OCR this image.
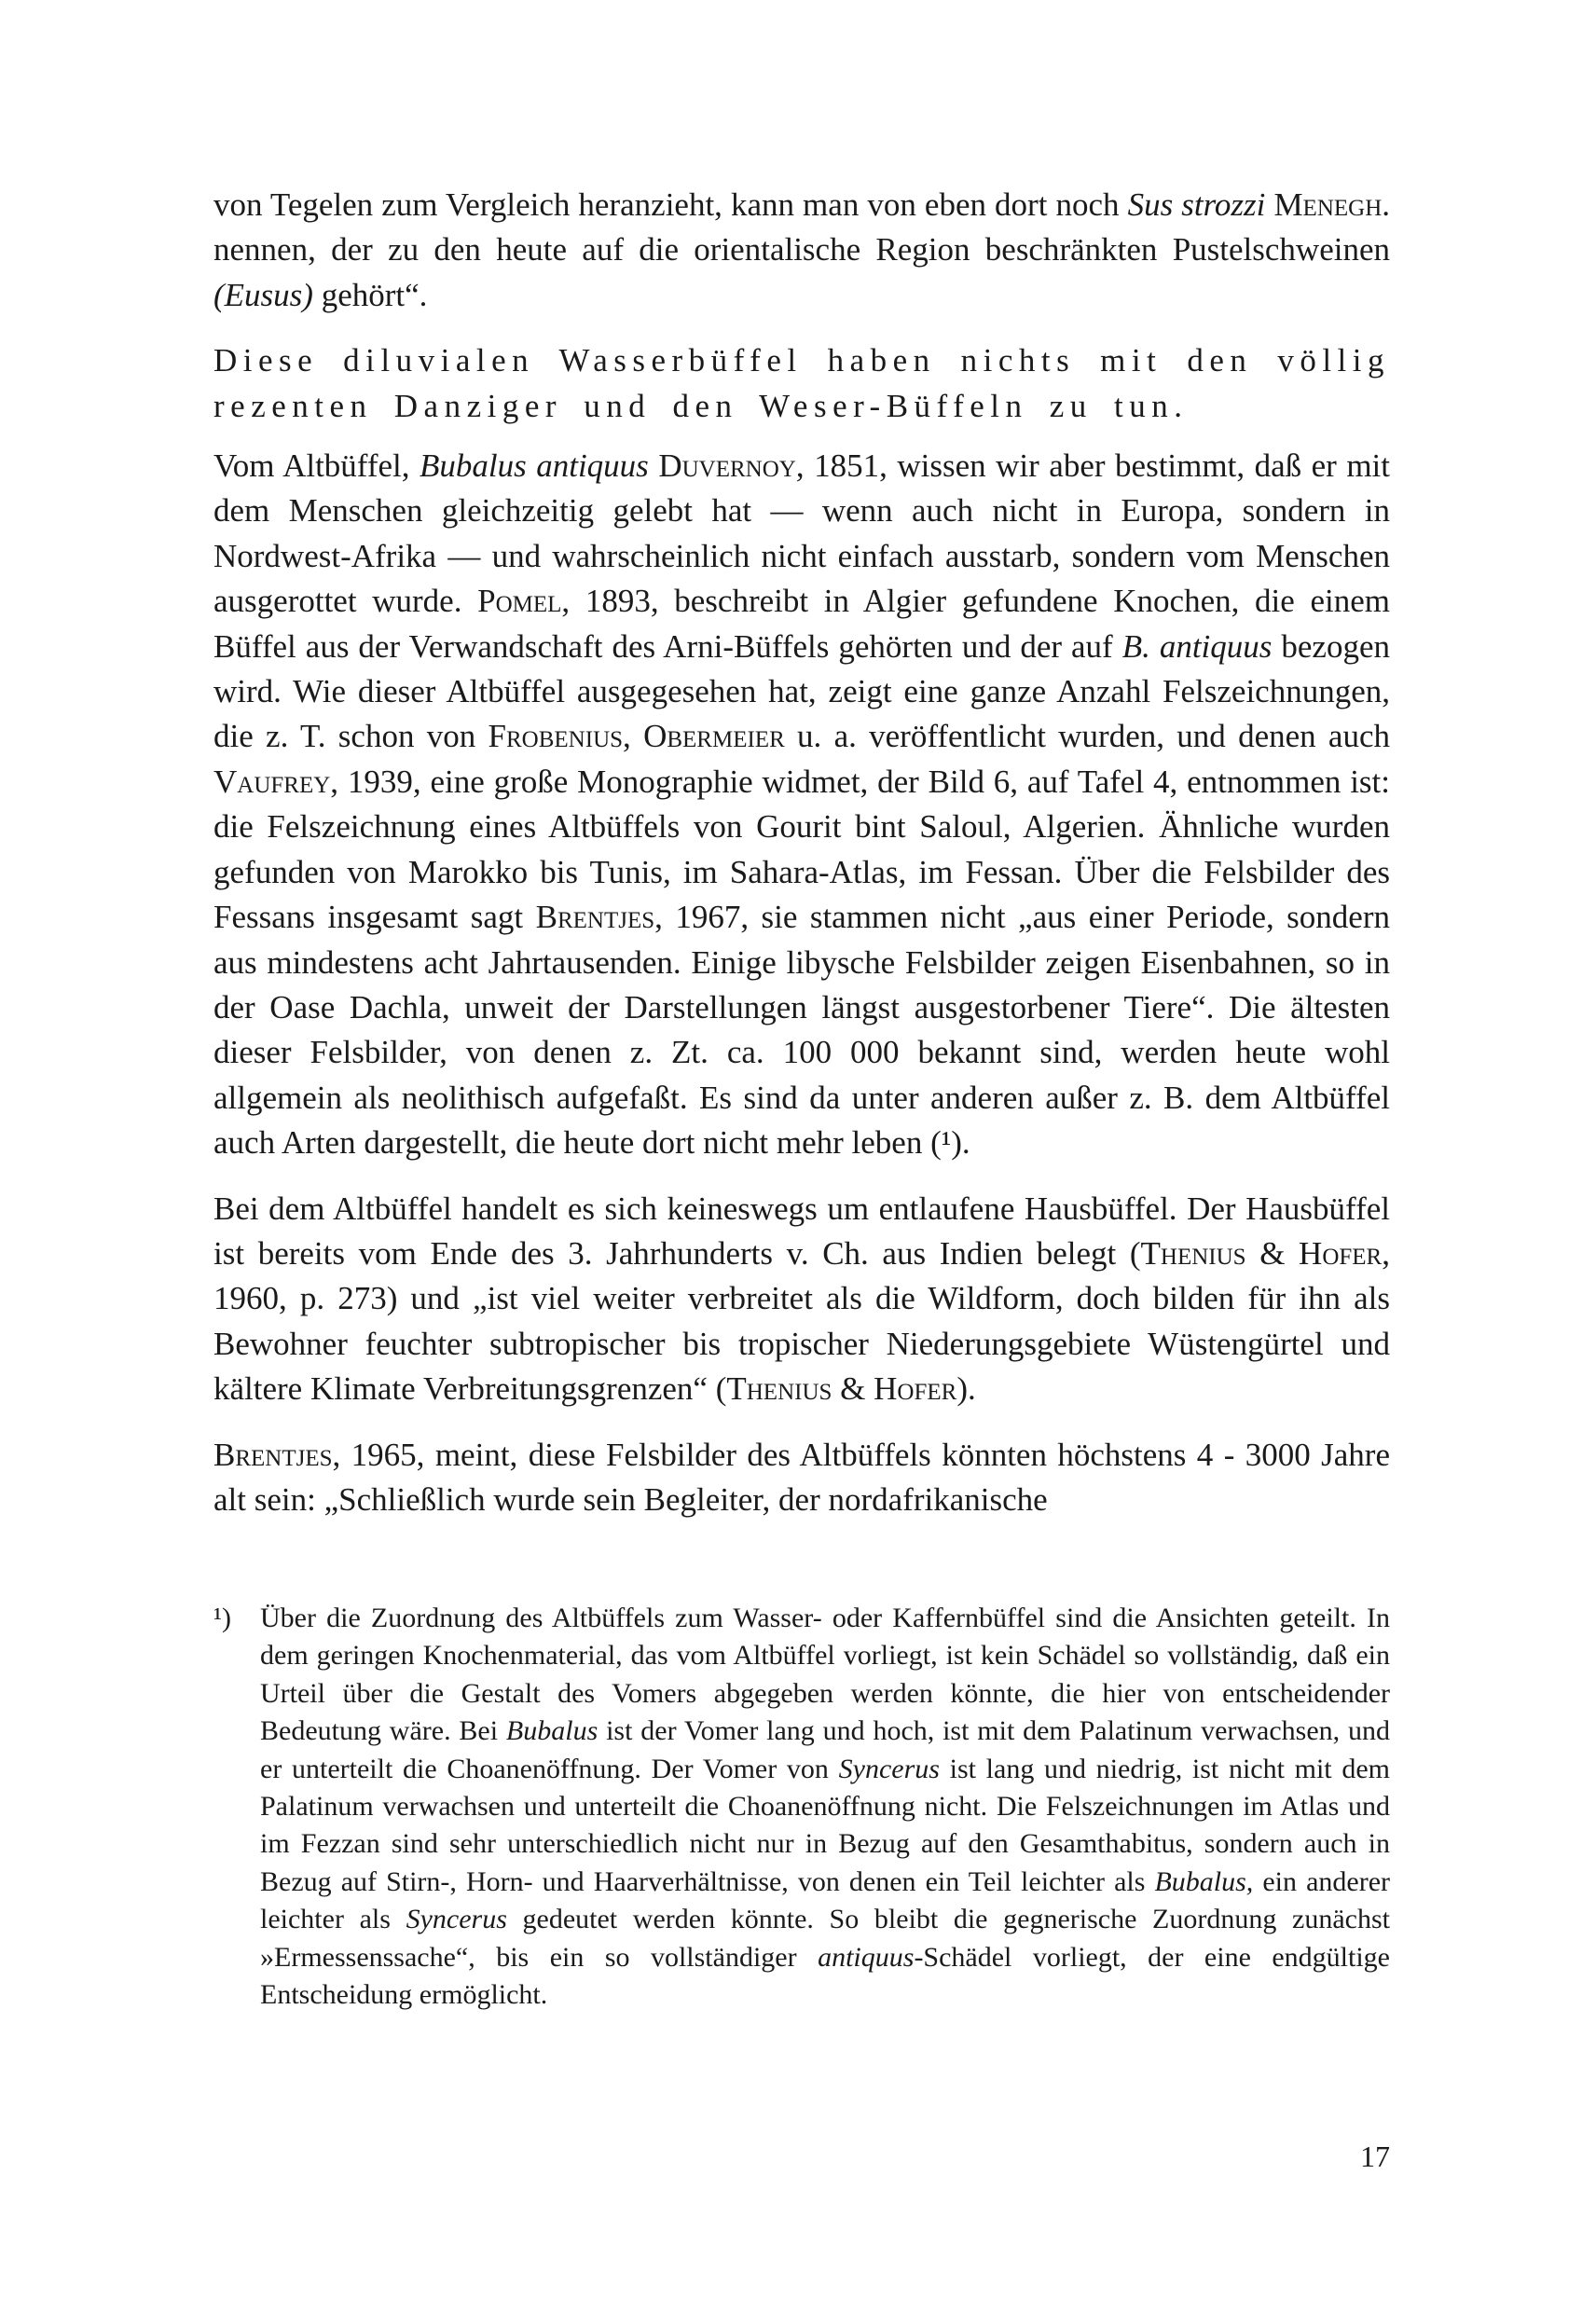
von Tegelen zum Vergleich heranzieht, kann man von eben dort noch Sus strozzi Menegh. nennen, der zu den heute auf die orientalische Region beschränkten Pustelschweinen (Eusus) gehört“.

Diese diluvialen Wasserbüffel haben nichts mit den völlig rezenten Danziger und den Weser-Büffeln zu tun.

Vom Altbüffel, Bubalus antiquus Duvernoy, 1851, wissen wir aber bestimmt, daß er mit dem Menschen gleichzeitig gelebt hat — wenn auch nicht in Europa, sondern in Nordwest-Afrika — und wahrscheinlich nicht einfach ausstarb, sondern vom Menschen ausgerottet wurde. Pomel, 1893, beschreibt in Algier gefundene Knochen, die einem Büffel aus der Verwandschaft des Arni-Büffels gehörten und der auf B. antiquus bezogen wird. Wie dieser Altbüffel ausgegesehen hat, zeigt eine ganze Anzahl Felszeichnungen, die z. T. schon von Frobenius, Obermeier u. a. veröffentlicht wurden, und denen auch Vaufrey, 1939, eine große Monographie widmet, der Bild 6, auf Tafel 4, entnommen ist: die Felszeichnung eines Altbüffels von Gourit bint Saloul, Algerien. Ähnliche wurden gefunden von Marokko bis Tunis, im Sahara-Atlas, im Fessan. Über die Felsbilder des Fessans insgesamt sagt Brentjes, 1967, sie stammen nicht „aus einer Periode, sondern aus mindestens acht Jahrtausenden. Einige libysche Felsbilder zeigen Eisenbahnen, so in der Oase Dachla, unweit der Darstellungen längst ausgestorbener Tiere“. Die ältesten dieser Felsbilder, von denen z. Zt. ca. 100 000 bekannt sind, werden heute wohl allgemein als neolithisch aufgefaßt. Es sind da unter anderen außer z. B. dem Altbüffel auch Arten dargestellt, die heute dort nicht mehr leben (¹).

Bei dem Altbüffel handelt es sich keineswegs um entlaufene Hausbüffel. Der Hausbüffel ist bereits vom Ende des 3. Jahrhunderts v. Ch. aus Indien belegt (Thenius & Hofer, 1960, p. 273) und „ist viel weiter verbreitet als die Wildform, doch bilden für ihn als Bewohner feuchter subtropischer bis tropischer Niederungsgebiete Wüstengürtel und kältere Klimate Verbreitungsgrenzen“ (Thenius & Hofer).

Brentjes, 1965, meint, diese Felsbilder des Altbüffels könnten höchstens 4 - 3000 Jahre alt sein: „Schließlich wurde sein Begleiter, der nordafrikanische

¹)	Über die Zuordnung des Altbüffels zum Wasser- oder Kaffernbüffel sind die Ansichten geteilt. In dem geringen Knochenmaterial, das vom Altbüffel vorliegt, ist kein Schädel so vollständig, daß ein Urteil über die Gestalt des Vomers abgegeben werden könnte, die hier von entscheidender Bedeutung wäre. Bei Bubalus ist der Vomer lang und hoch, ist mit dem Palatinum verwachsen, und er unterteilt die Choanenöffnung. Der Vomer von Syncerus ist lang und niedrig, ist nicht mit dem Palatinum verwachsen und unterteilt die Choanenöffnung nicht. Die Felszeichnungen im Atlas und im Fezzan sind sehr unterschiedlich nicht nur in Bezug auf den Gesamthabitus, sondern auch in Bezug auf Stirn-, Horn- und Haarverhältnisse, von denen ein Teil leichter als Bubalus, ein anderer leichter als Syncerus gedeutet werden könnte. So bleibt die gegnerische Zuordnung zunächst »Ermessenssache“, bis ein so vollständiger antiquus-Schädel vorliegt, der eine endgültige Entscheidung ermöglicht.
17
